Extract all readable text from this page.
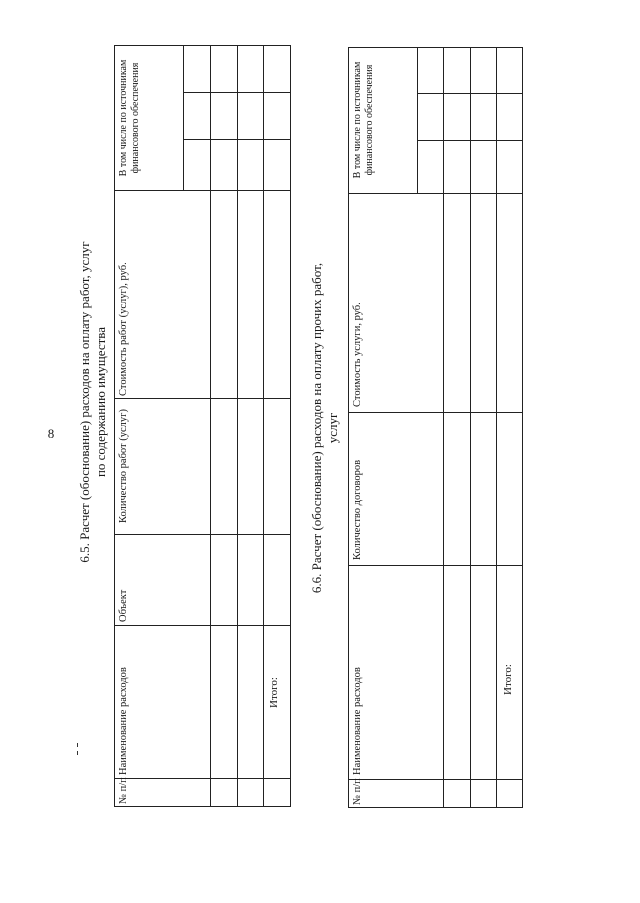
8 6.5. Расчет (обоснование) расходов на оплату работ, услуг по содержанию имущества
№ п/п
Наименование расходов
Объект
Количество работ (услуг)
Стоимость работ (услуг), руб.
В том числе по источникам финансового обеспечения
Итого:
6.6. Расчет (обоснование) расходов на оплату прочих работ, услуг
№ п/п
Наименование расходов
Количество договоров
Стоимость услуги, руб.
В том числе по источникам финансового обеспечения
Итого:
